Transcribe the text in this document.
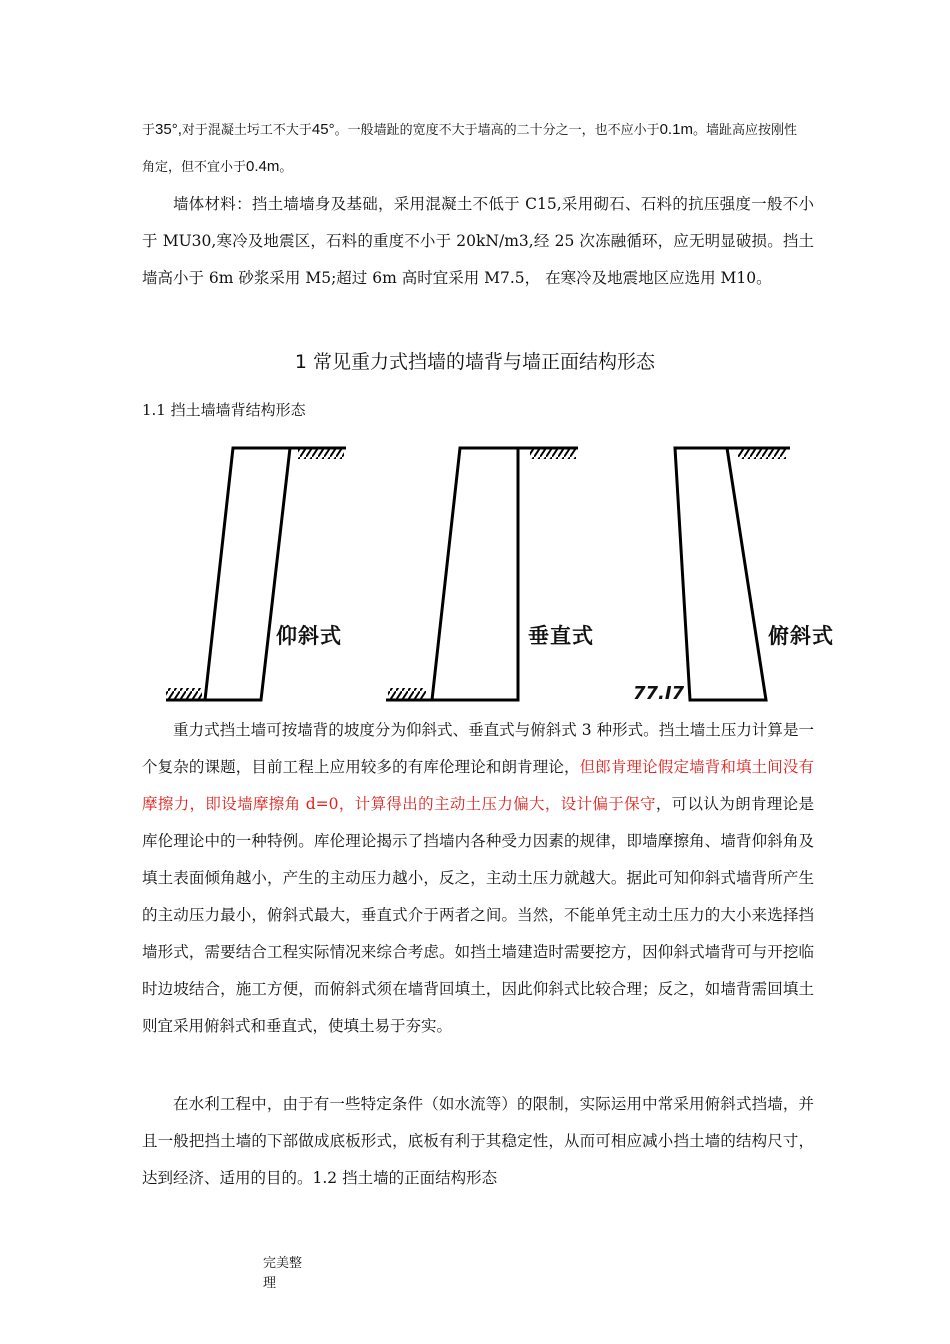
于35°,对于混凝土圬工不大于45°。一般墙趾的宽度不大于墙高的二十分之一，也不应小于0.1m。墙趾高应按刚性
角定，但不宜小于0.4m。

墙体材料：挡土墙墙身及基础，采用混凝土不低于 C15,采用砌石、石料的抗压强度一般不小于 MU30,寒冷及地震区，石料的重度不小于 20kN/m3,经 25 次冻融循环，应无明显破损。挡土墙高小于 6m 砂浆采用 M5;超过 6m 高时宜采用 M7.5， 在寒冷及地震地区应选用 M10。

1 常见重力式挡墙的墙背与墙正面结构形态
1.1 挡土墙墙背结构形态
仰斜式	垂直式	俯斜式
77.I7

重力式挡土墙可按墙背的坡度分为仰斜式、垂直式与俯斜式 3 种形式。挡土墙土压力计算是一个复杂的课题，目前工程上应用较多的有库伦理论和朗肯理论，但郎肯理论假定墙背和填土间没有摩擦力，即设墙摩擦角 d=0，计算得出的主动土压力偏大，设计偏于保守，可以认为朗肯理论是库伦理论中的一种特例。库伦理论揭示了挡墙内各种受力因素的规律，即墙摩擦角、墙背仰斜角及填土表面倾角越小，产生的主动压力越小，反之，主动土压力就越大。据此可知仰斜式墙背所产生的主动压力最小，俯斜式最大，垂直式介于两者之间。当然，不能单凭主动土压力的大小来选择挡墙形式，需要结合工程实际情况来综合考虑。如挡土墙建造时需要挖方，因仰斜式墙背可与开挖临时边坡结合，施工方便，而俯斜式须在墙背回填土，因此仰斜式比较合理；反之，如墙背需回填土则宜采用俯斜式和垂直式，使填土易于夯实。

在水利工程中，由于有一些特定条件（如水流等）的限制，实际运用中常采用俯斜式挡墙，并且一般把挡土墙的下部做成底板形式，底板有利于其稳定性，从而可相应减小挡土墙的结构尺寸，达到经济、适用的目的。1.2 挡土墙的正面结构形态

完美整理
